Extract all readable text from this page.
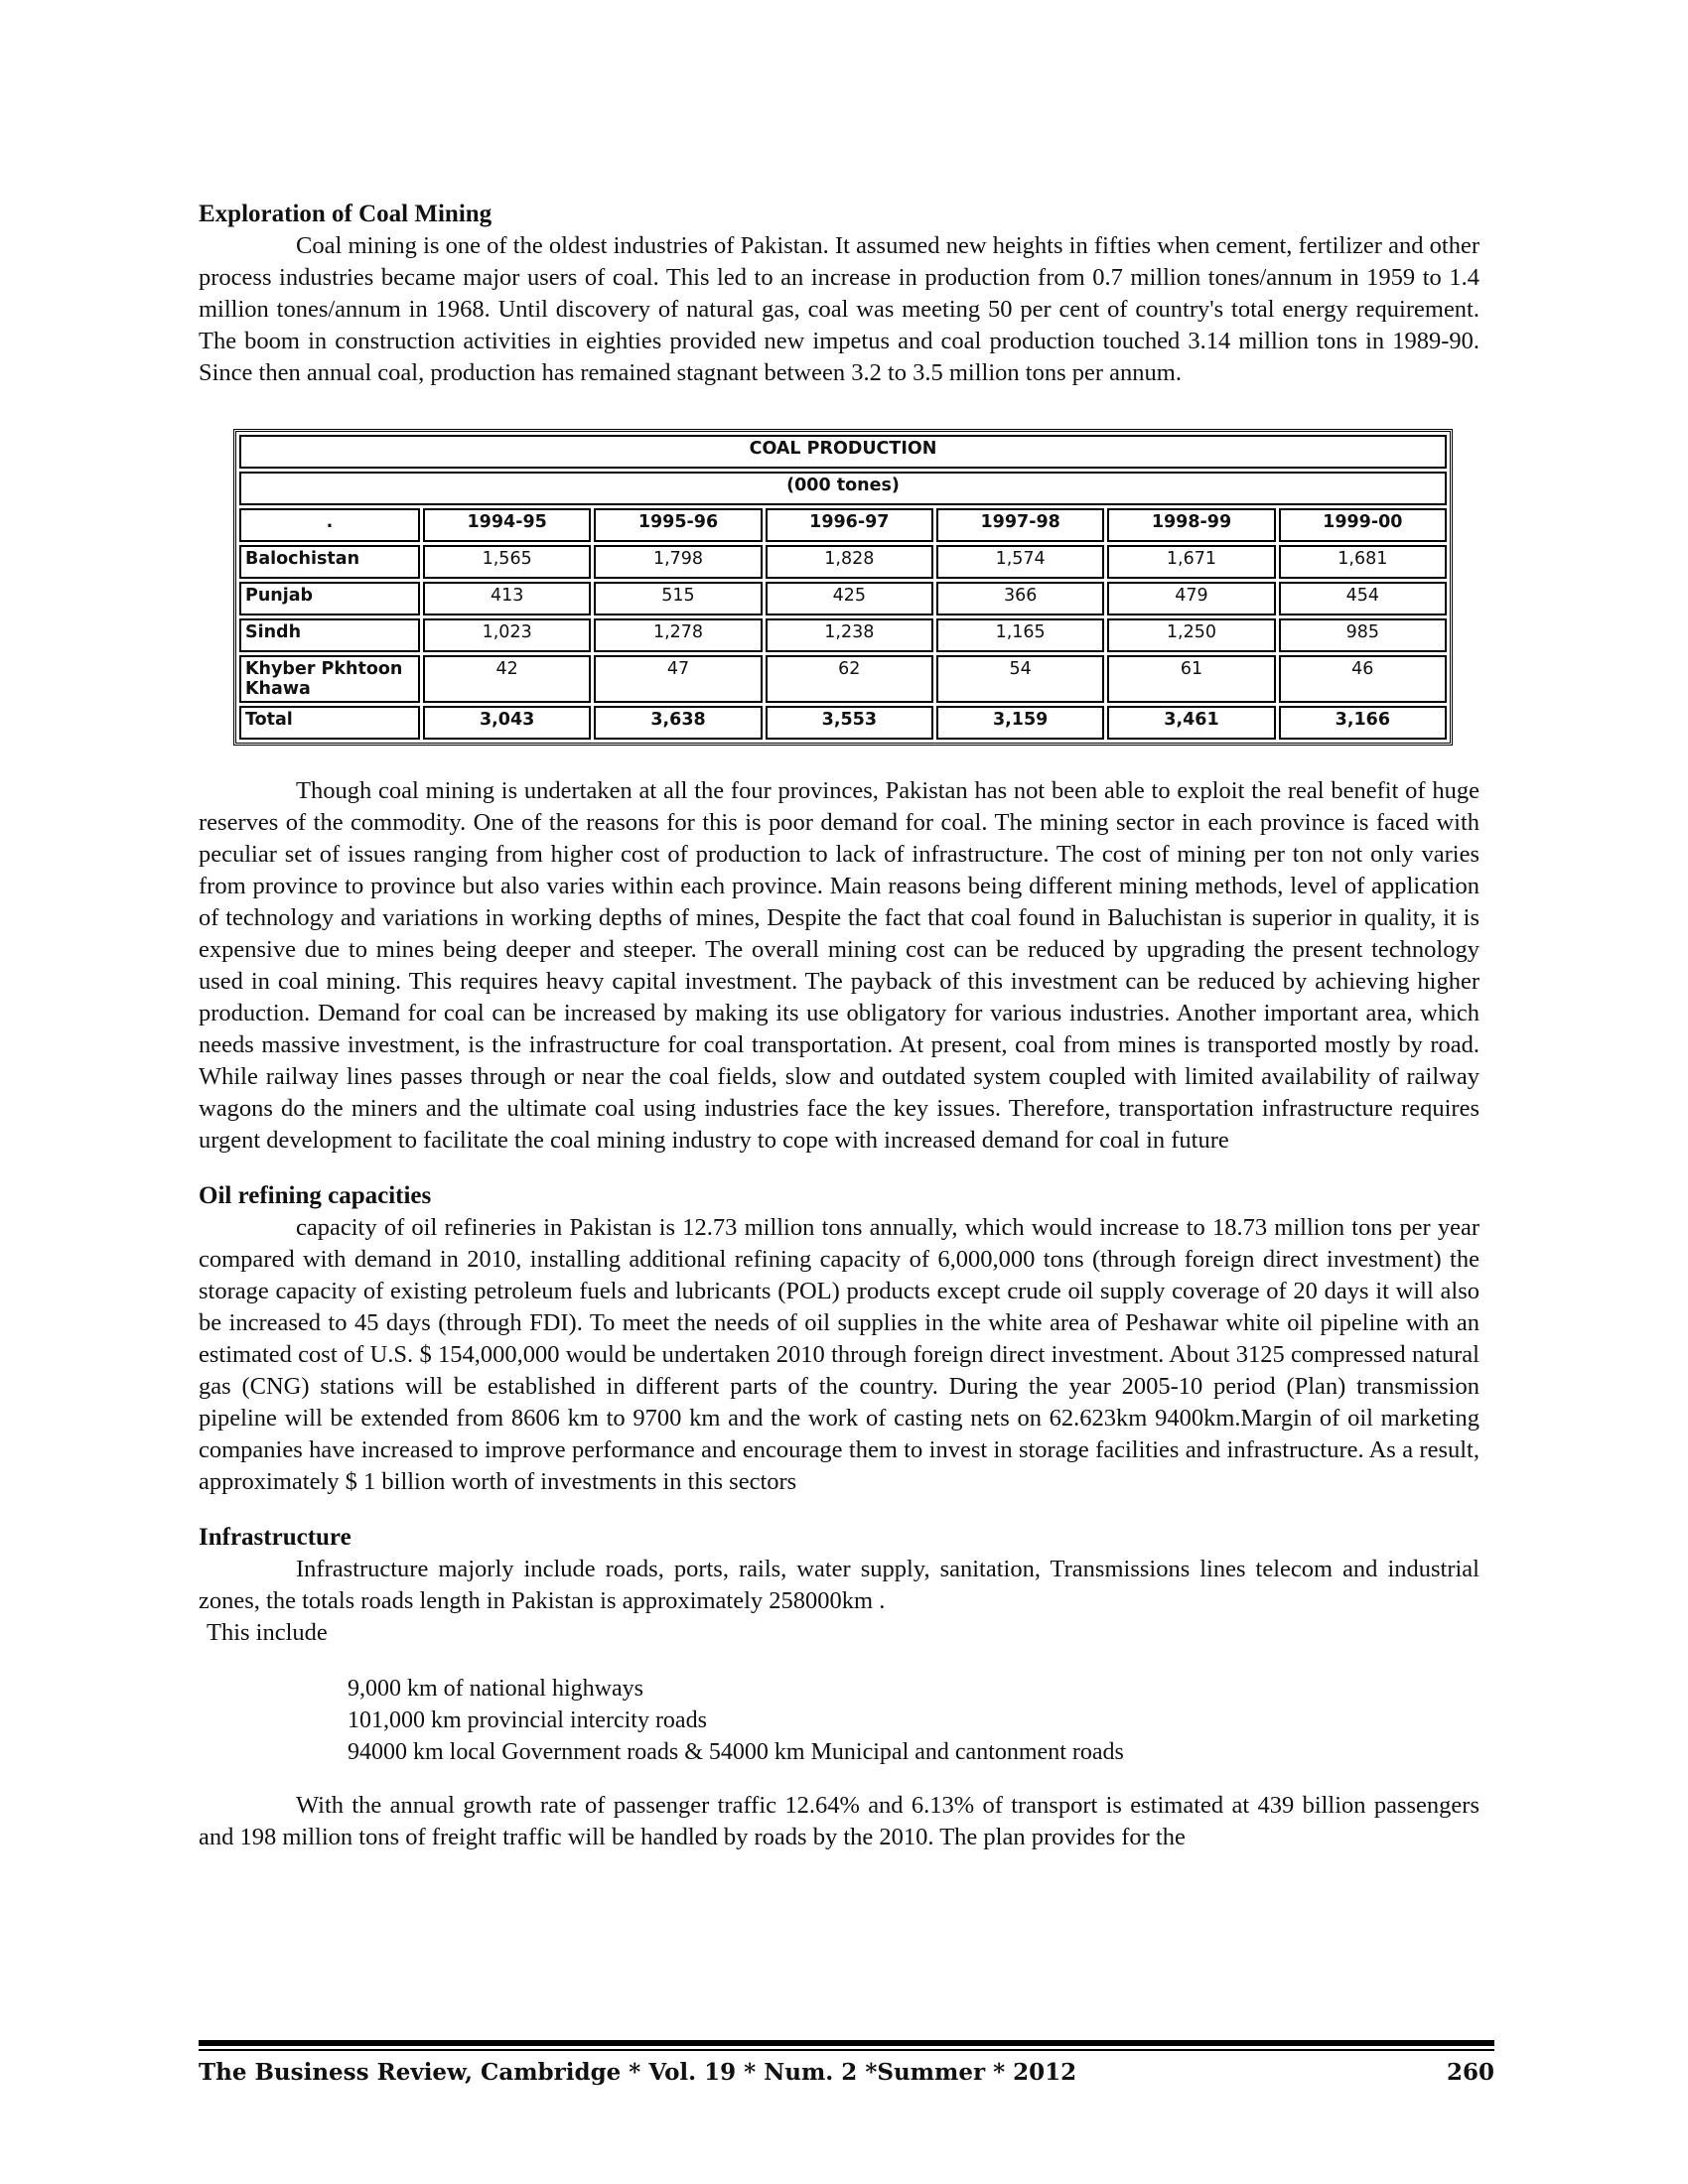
Exploration of Coal Mining

Coal mining is one of the oldest industries of Pakistan. It assumed new heights in fifties when cement, fertilizer and other process industries became major users of coal. This led to an increase in production from 0.7 million tones/annum in 1959 to 1.4 million tones/annum in 1968. Until discovery of natural gas, coal was meeting 50 per cent of country's total energy requirement. The boom in construction activities in eighties provided new impetus and coal production touched 3.14 million tons in 1989-90. Since then annual coal, production has remained stagnant between 3.2 to 3.5 million tons per annum.

COAL PRODUCTION						
(000 tones)						
.	1994-95	1995-96	1996-97	1997-98	1998-99	1999-00
Balochistan	1,565	1,798	1,828	1,574	1,671	1,681
Punjab	413	515	425	366	479	454
Sindh	1,023	1,278	1,238	1,165	1,250	985
Khyber Pkhtoon Khawa	42	47	62	54	61	46
Total	3,043	3,638	3,553	3,159	3,461	3,166

Though coal mining is undertaken at all the four provinces, Pakistan has not been able to exploit the real benefit of huge reserves of the commodity. One of the reasons for this is poor demand for coal. The mining sector in each province is faced with peculiar set of issues ranging from higher cost of production to lack of infrastructure. The cost of mining per ton not only varies from province to province but also varies within each province. Main reasons being different mining methods, level of application of technology and variations in working depths of mines, Despite the fact that coal found in Baluchistan is superior in quality, it is expensive due to mines being deeper and steeper. The overall mining cost can be reduced by upgrading the present technology used in coal mining. This requires heavy capital investment. The payback of this investment can be reduced by achieving higher production. Demand for coal can be increased by making its use obligatory for various industries. Another important area, which needs massive investment, is the infrastructure for coal transportation. At present, coal from mines is transported mostly by road. While railway lines passes through or near the coal fields, slow and outdated system coupled with limited availability of railway wagons do the miners and the ultimate coal using industries face the key issues. Therefore, transportation infrastructure requires urgent development to facilitate the coal mining industry to cope with increased demand for coal in future

Oil refining capacities

capacity of oil refineries in Pakistan is 12.73 million tons annually, which would increase to 18.73 million tons per year compared with demand in 2010, installing additional refining capacity of 6,000,000 tons (through foreign direct investment) the storage capacity of existing petroleum fuels and lubricants (POL) products except crude oil supply coverage of 20 days it will also be increased to 45 days (through FDI). To meet the needs of oil supplies in the white area of Peshawar white oil pipeline with an estimated cost of U.S. $ 154,000,000 would be undertaken 2010 through foreign direct investment. About 3125 compressed natural gas (CNG) stations will be established in different parts of the country. During the year 2005-10 period (Plan) transmission pipeline will be extended from 8606 km to 9700 km and the work of casting nets on 62.623km 9400km.Margin of oil marketing companies have increased to improve performance and encourage them to invest in storage facilities and infrastructure. As a result, approximately $ 1 billion worth of investments in this sectors

Infrastructure

Infrastructure majorly include roads, ports, rails, water supply, sanitation, Transmissions lines telecom and industrial zones, the totals roads length in Pakistan is approximately 258000km .

This include

9,000 km of national highways
101,000 km provincial intercity roads
94000 km local Government roads & 54000 km Municipal and cantonment roads

With the annual growth rate of passenger traffic 12.64% and 6.13% of transport is estimated at 439 billion passengers and 198 million tons of freight traffic will be handled by roads by the 2010. The plan provides for the

The Business Review, Cambridge * Vol. 19 * Num. 2 *Summer * 2012	260
